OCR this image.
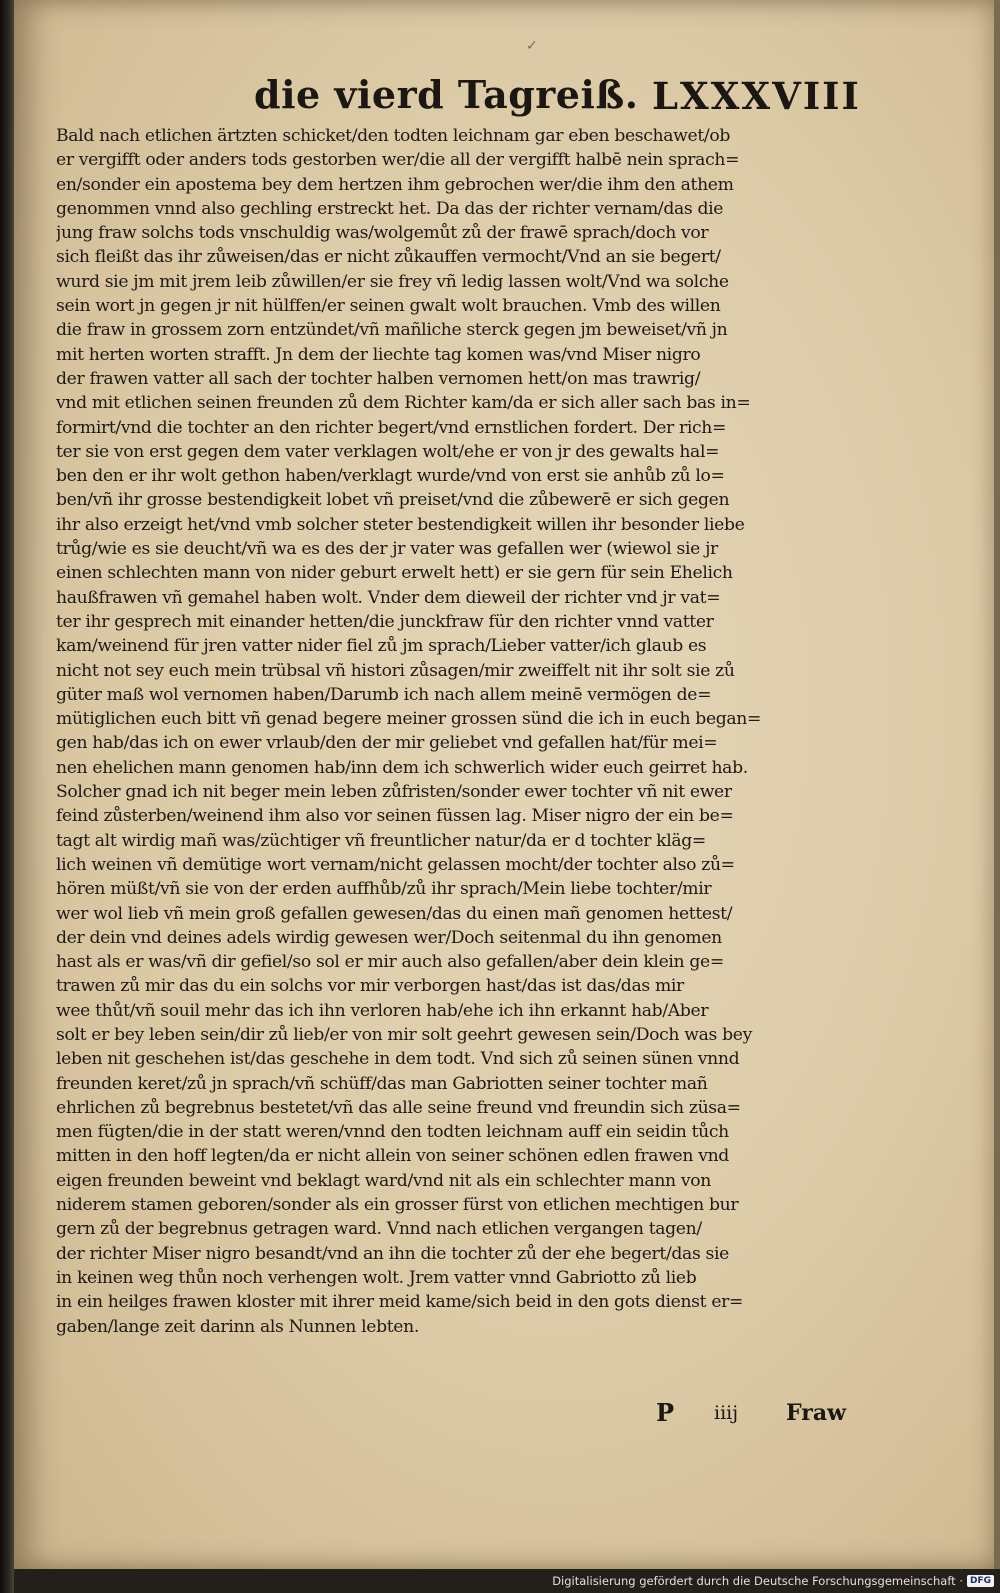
✓
die vierd Tagreiß. LXXXVIII
Bald nach etlichen ärtzten schicket/den todten leichnam gar eben beschawet/ob
er vergifft oder anders tods gestorben wer/die all der vergifft halbē nein sprach=
en/sonder ein apostema bey dem hertzen ihm gebrochen wer/die ihm den athem
genommen vnnd also gechling erstreckt het. Da das der richter vernam/das die
jung fraw solchs tods vnschuldig was/wolgemůt zů der frawē sprach/doch vor
sich fleißt das ihr zůweisen/das er nicht zůkauffen vermocht/Vnd an sie begert/
wurd sie jm mit jrem leib zůwillen/er sie frey vñ ledig lassen wolt/Vnd wa solche
sein wort jn gegen jr nit hülffen/er seinen gwalt wolt brauchen. Vmb des willen
die fraw in grossem zorn entzündet/vñ mañliche sterck gegen jm beweiset/vñ jn
mit herten worten strafft. Jn dem der liechte tag komen was/vnd Miser nigro
der frawen vatter all sach der tochter halben vernomen hett/on mas trawrig/
vnd mit etlichen seinen freunden zů dem Richter kam/da er sich aller sach bas in=
formirt/vnd die tochter an den richter begert/vnd ernstlichen fordert. Der rich=
ter sie von erst gegen dem vater verklagen wolt/ehe er von jr des gewalts hal=
ben den er ihr wolt gethon haben/verklagt wurde/vnd von erst sie anhůb zů lo=
ben/vñ ihr grosse bestendigkeit lobet vñ preiset/vnd die zůbewerē er sich gegen
ihr also erzeigt het/vnd vmb solcher steter bestendigkeit willen ihr besonder liebe
trůg/wie es sie deucht/vñ wa es des der jr vater was gefallen wer (wiewol sie jr
einen schlechten mann von nider geburt erwelt hett) er sie gern für sein Ehelich
haußfrawen vñ gemahel haben wolt. Vnder dem dieweil der richter vnd jr vat=
ter ihr gesprech mit einander hetten/die junckfraw für den richter vnnd vatter
kam/weinend für jren vatter nider fiel zů jm sprach/Lieber vatter/ich glaub es
nicht not sey euch mein trübsal vñ histori zůsagen/mir zweiffelt nit ihr solt sie zů
güter maß wol vernomen haben/Darumb ich nach allem meinē vermögen de=
mütiglichen euch bitt vñ genad begere meiner grossen sünd die ich in euch began=
gen hab/das ich on ewer vrlaub/den der mir geliebet vnd gefallen hat/für mei=
nen ehelichen mann genomen hab/inn dem ich schwerlich wider euch geirret hab.
Solcher gnad ich nit beger mein leben zůfristen/sonder ewer tochter vñ nit ewer
feind zůsterben/weinend ihm also vor seinen füssen lag. Miser nigro der ein be=
tagt alt wirdig mañ was/züchtiger vñ freuntlicher natur/da er d tochter kläg=
lich weinen vñ demütige wort vernam/nicht gelassen mocht/der tochter also zů=
hören müßt/vñ sie von der erden auffhůb/zů ihr sprach/Mein liebe tochter/mir
wer wol lieb vñ mein groß gefallen gewesen/das du einen mañ genomen hettest/
der dein vnd deines adels wirdig gewesen wer/Doch seitenmal du ihn genomen
hast als er was/vñ dir gefiel/so sol er mir auch also gefallen/aber dein klein ge=
trawen zů mir das du ein solchs vor mir verborgen hast/das ist das/das mir
wee thůt/vñ souil mehr das ich ihn verloren hab/ehe ich ihn erkannt hab/Aber
solt er bey leben sein/dir zů lieb/er von mir solt geehrt gewesen sein/Doch was bey
leben nit geschehen ist/das geschehe in dem todt. Vnd sich zů seinen sünen vnnd
freunden keret/zů jn sprach/vñ schüff/das man Gabriotten seiner tochter mañ
ehrlichen zů begrebnus bestetet/vñ das alle seine freund vnd freundin sich züsa=
men fügten/die in der statt weren/vnnd den todten leichnam auff ein seidin tůch
mitten in den hoff legten/da er nicht allein von seiner schönen edlen frawen vnd
eigen freunden beweint vnd beklagt ward/vnd nit als ein schlechter mann von
niderem stamen geboren/sonder als ein grosser fürst von etlichen mechtigen bur
gern zů der begrebnus getragen ward. Vnnd nach etlichen vergangen tagen/
der richter Miser nigro besandt/vnd an ihn die tochter zů der ehe begert/das sie
in keinen weg thůn noch verhengen wolt. Jrem vatter vnnd Gabriotto zů lieb
in ein heilges frawen kloster mit ihrer meid kame/sich beid in den gots dienst er=
gaben/lange zeit darinn als Nunnen lebten.
P iiij Fraw
Digitalisierung gefördert durch die Deutsche Forschungsgemeinschaft · DFG
